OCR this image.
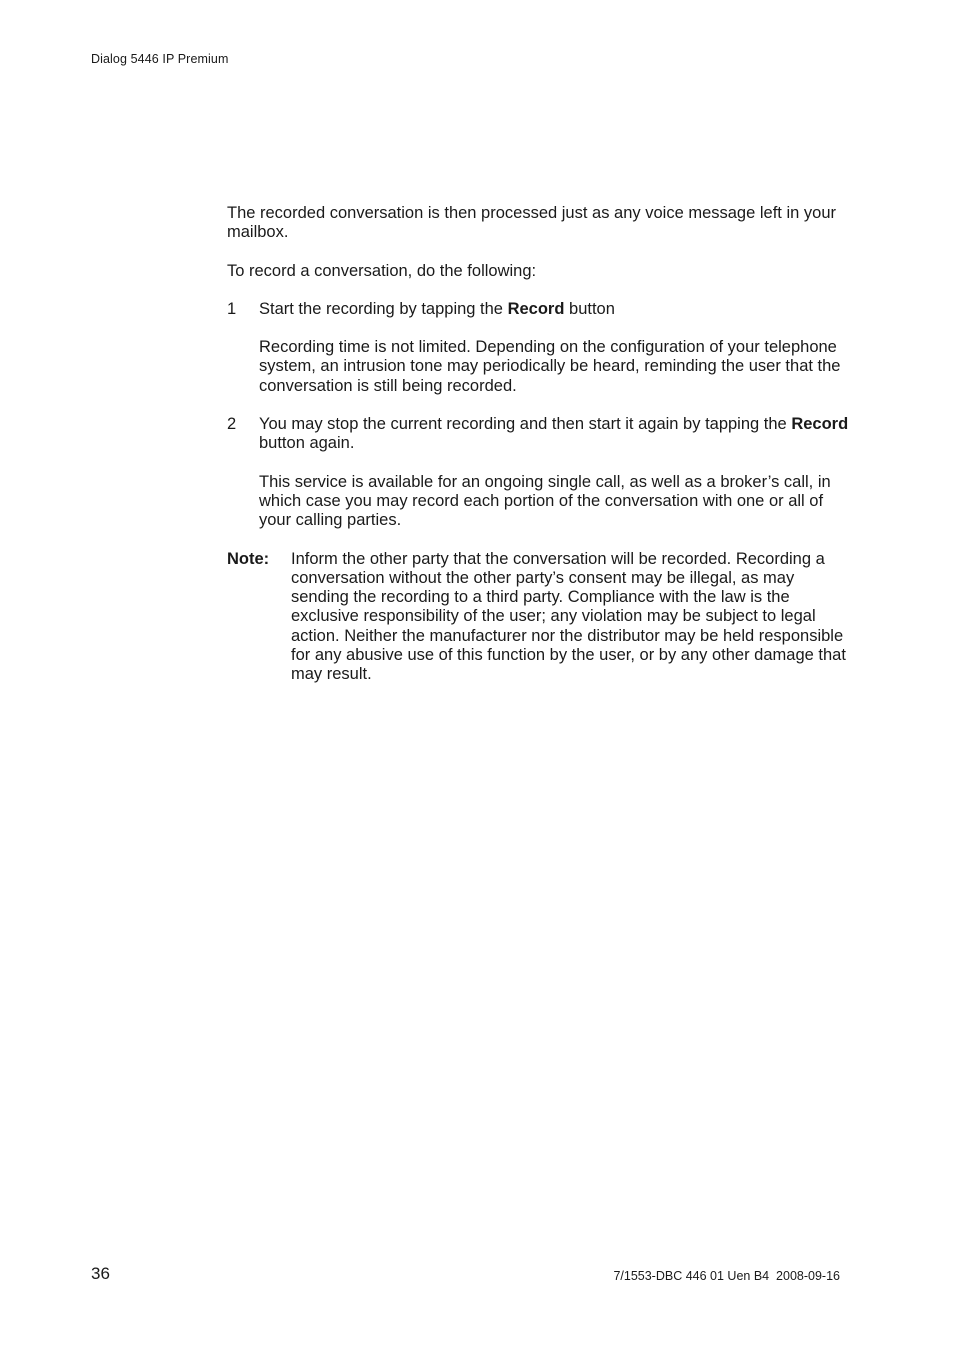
Dialog 5446 IP Premium

The recorded conversation is then processed just as any voice message left in your mailbox.

To record a conversation, do the following:

1 Start the recording by tapping the Record button

Recording time is not limited. Depending on the configuration of your telephone system, an intrusion tone may periodically be heard, reminding the user that the conversation is still being recorded.

2 You may stop the current recording and then start it again by tapping the Record button again.

This service is available for an ongoing single call, as well as a broker’s call, in which case you may record each portion of the conversation with one or all of your calling parties.

Note: Inform the other party that the conversation will be recorded. Recording a conversation without the other party’s consent may be illegal, as may sending the recording to a third party. Compliance with the law is the exclusive responsibility of the user; any violation may be subject to legal action. Neither the manufacturer nor the distributor may be held responsible for any abusive use of this function by the user, or by any other damage that may result.
36	7/1553-DBC 446 01 Uen B4  2008-09-16
